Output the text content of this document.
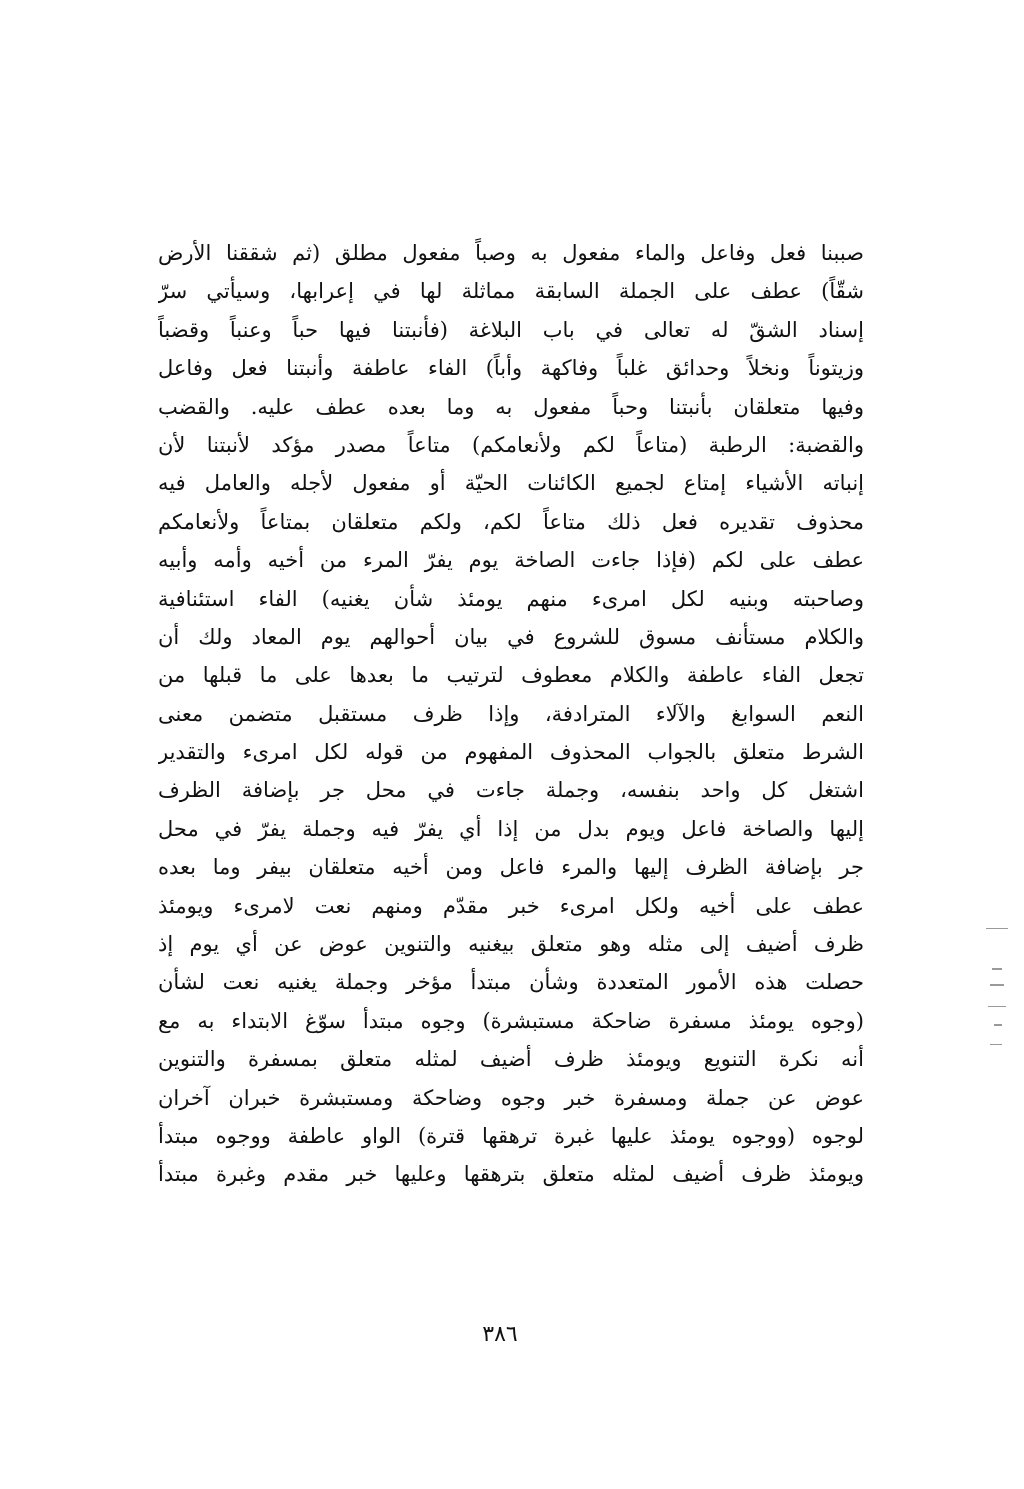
صببنا فعل وفاعل والماء مفعول به وصباً مفعول مطلق (ثم شققنا الأرض
شقّاً) عطف على الجملة السابقة مماثلة لها في إعرابها، وسيأتي سرّ
إسناد الشقّ له تعالى في باب البلاغة (فأنبتنا فيها حباً وعنباً وقضباً
وزيتوناً ونخلاً وحدائق غلباً وفاكهة وأباً) الفاء عاطفة وأنبتنا فعل وفاعل
وفيها متعلقان بأنبتنا وحباً مفعول به وما بعده عطف عليه. والقضب
والقضبة: الرطبة (متاعاً لكم ولأنعامكم) متاعاً مصدر مؤكد لأنبتنا لأن
إنباته الأشياء إمتاع لجميع الكائنات الحيّة أو مفعول لأجله والعامل فيه
محذوف تقديره فعل ذلك متاعاً لكم، ولكم متعلقان بمتاعاً ولأنعامكم
عطف على لكم (فإذا جاءت الصاخة يوم يفرّ المرء من أخيه وأمه وأبيه
وصاحبته وبنيه لكل امرىء منهم يومئذ شأن يغنيه) الفاء استئنافية
والكلام مستأنف مسوق للشروع في بيان أحوالهم يوم المعاد ولك أن
تجعل الفاء عاطفة والكلام معطوف لترتيب ما بعدها على ما قبلها من
النعم السوابغ والآلاء المترادفة، وإذا ظرف مستقبل متضمن معنى
الشرط متعلق بالجواب المحذوف المفهوم من قوله لكل امرىء والتقدير
اشتغل كل واحد بنفسه، وجملة جاءت في محل جر بإضافة الظرف
إليها والصاخة فاعل ويوم بدل من إذا أي يفرّ فيه وجملة يفرّ في محل
جر بإضافة الظرف إليها والمرء فاعل ومن أخيه متعلقان بيفر وما بعده
عطف على أخيه ولكل امرىء خبر مقدّم ومنهم نعت لامرىء ويومئذ
ظرف أضيف إلى مثله وهو متعلق بيغنيه والتنوين عوض عن أي يوم إذ
حصلت هذه الأمور المتعددة وشأن مبتدأ مؤخر وجملة يغنيه نعت لشأن
(وجوه يومئذ مسفرة ضاحكة مستبشرة) وجوه مبتدأ سوّغ الابتداء به مع
أنه نكرة التنويع ويومئذ ظرف أضيف لمثله متعلق بمسفرة والتنوين
عوض عن جملة ومسفرة خبر وجوه وضاحكة ومستبشرة خبران آخران
لوجوه (ووجوه يومئذ عليها غبرة ترهقها قترة) الواو عاطفة ووجوه مبتدأ
ويومئذ ظرف أضيف لمثله متعلق بترهقها وعليها خبر مقدم وغبرة مبتدأ
٣٨٦
